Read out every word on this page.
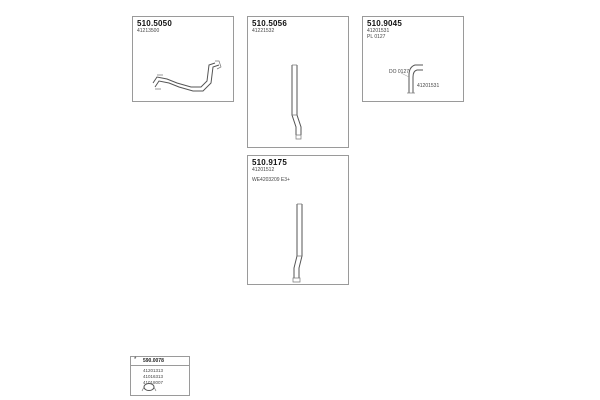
510.5050
41213500
510.5056
41221532
510.9045
41201531
PL 0127
DO 0127
41201531
510.9175
41201512
WE4203209 E3+
* 590.0078
41201313
41016313
41018007
